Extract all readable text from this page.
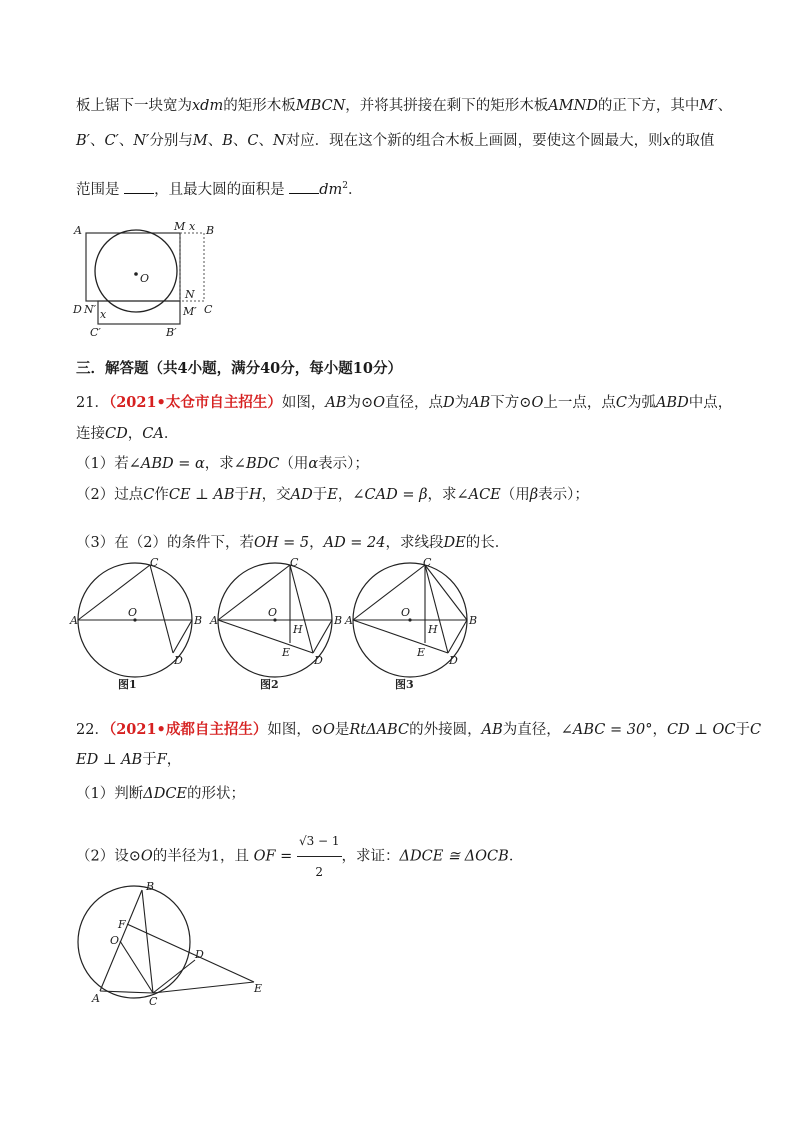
板上锯下一块宽为xdm的矩形木板MBCN，并将其拼接在剩下的矩形木板AMND的正下方，其中M′、
B′、C′、N′分别与M、B、C、N对应．现在这个新的组合木板上画圆，要使这个圆最大，则x的取值
范围是 ，且最大圆的面积是 $dm^2$．
A	M x B
O
D N′ x
N
M′ C
C′	B′
三．解答题（共4小题，满分40分，每小题10分）
21．（2021•太仓市自主招生）如图，AB为⊙O直径，点D为AB下方⊙O上一点，点C为弧ABD中点，
连接CD，CA．
（1）若∠ABD = α，求∠BDC（用α表示）；
（2）过点C作CE ⊥ AB于H，交AD于E，∠CAD = β，求∠ACE（用β表示）；
（3）在（2）的条件下，若OH = 5，AD = 24，求线段DE的长．
A
C
O
B
D
图1
A
C
O
H
B
E
D
图2
A
C
O
H
B
E
D
图3
22．（2021•成都自主招生）如图，⊙O是RtΔABC的外接圆，AB为直径，∠ABC = 30°，CD ⊥ OC于C
ED ⊥ AB于F，
（1）判断ΔDCE的形状；
（2）设⊙O的半径为1，且 OF = $\frac{√3 - 1}{2}$ ，求证：ΔDCE ≅ ΔOCB．
B
F
O
D
A	C
E
